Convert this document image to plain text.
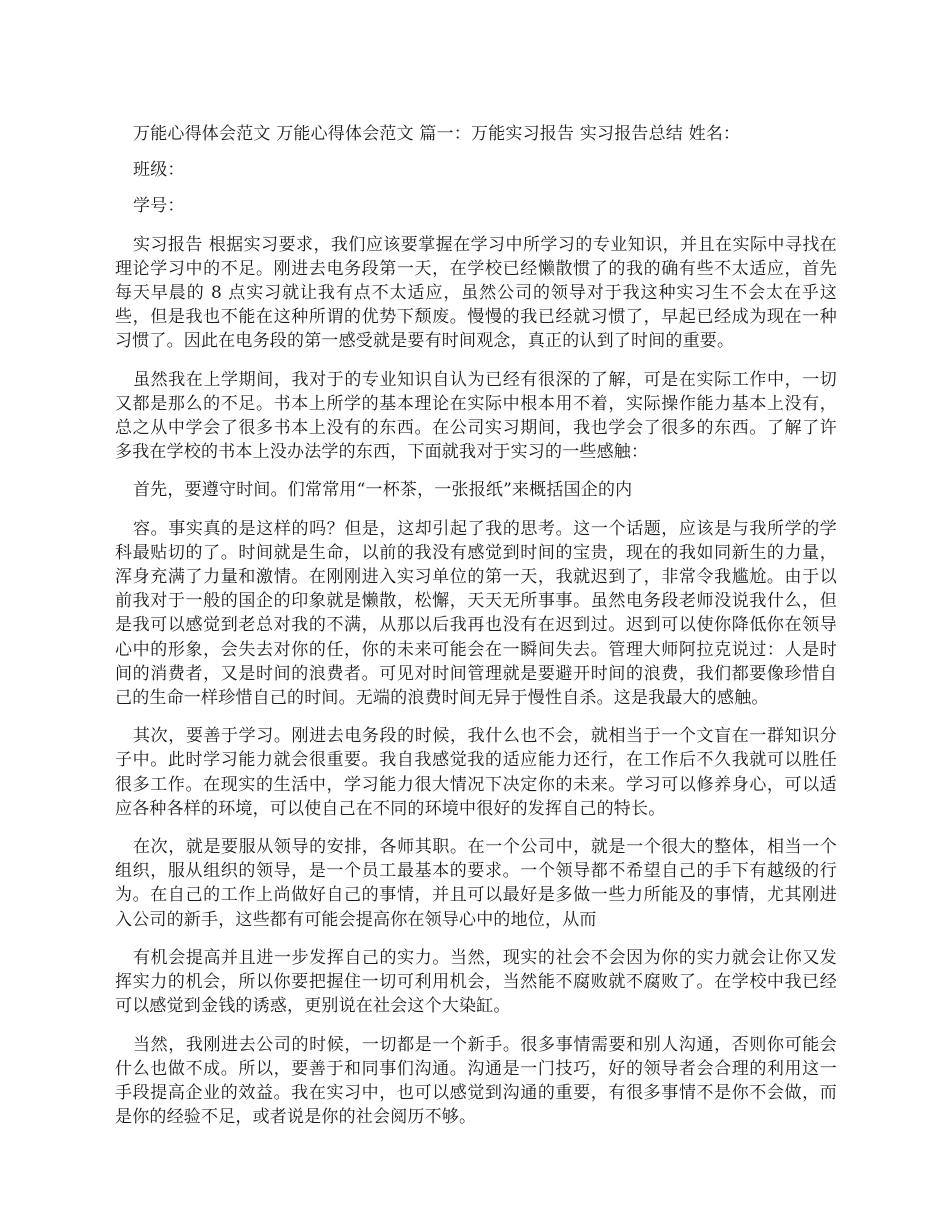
万能心得体会范文 万能心得体会范文 篇一：万能实习报告 实习报告总结 姓名：

班级：

学号：

实习报告 根据实习要求，我们应该要掌握在学习中所学习的专业知识，并且在实际中寻找在理论学习中的不足。刚进去电务段第一天，在学校已经懒散惯了的我的确有些不太适应，首先每天早晨的 8 点实习就让我有点不太适应，虽然公司的领导对于我这种实习生不会太在乎这些，但是我也不能在这种所谓的优势下颓废。慢慢的我已经就习惯了，早起已经成为现在一种习惯了。因此在电务段的第一感受就是要有时间观念，真正的认到了时间的重要。

虽然我在上学期间，我对于的专业知识自认为已经有很深的了解，可是在实际工作中，一切又都是那么的不足。书本上所学的基本理论在实际中根本用不着，实际操作能力基本上没有，总之从中学会了很多书本上没有的东西。在公司实习期间，我也学会了很多的东西。了解了许多我在学校的书本上没办法学的东西，下面就我对于实习的一些感触：

首先，要遵守时间。们常常用“一杯茶，一张报纸”来概括国企的内

容。事实真的是这样的吗？但是，这却引起了我的思考。这一个话题，应该是与我所学的学科最贴切的了。时间就是生命，以前的我没有感觉到时间的宝贵，现在的我如同新生的力量，浑身充满了力量和激情。在刚刚进入实习单位的第一天，我就迟到了，非常令我尴尬。由于以前我对于一般的国企的印象就是懒散，松懈，天天无所事事。虽然电务段老师没说我什么，但是我可以感觉到老总对我的不满，从那以后我再也没有在迟到过。迟到可以使你降低你在领导心中的形象，会失去对你的任，你的未来可能会在一瞬间失去。管理大师阿拉克说过：人是时间的消费者，又是时间的浪费者。可见对时间管理就是要避开时间的浪费，我们都要像珍惜自己的生命一样珍惜自己的时间。无端的浪费时间无异于慢性自杀。这是我最大的感触。

其次，要善于学习。刚进去电务段的时候，我什么也不会，就相当于一个文盲在一群知识分子中。此时学习能力就会很重要。我自我感觉我的适应能力还行，在工作后不久我就可以胜任很多工作。在现实的生活中，学习能力很大情况下决定你的未来。学习可以修养身心，可以适应各种各样的环境，可以使自己在不同的环境中很好的发挥自己的特长。

在次，就是要服从领导的安排，各师其职。在一个公司中，就是一个很大的整体，相当一个组织，服从组织的领导，是一个员工最基本的要求。一个领导都不希望自己的手下有越级的行为。在自己的工作上尚做好自己的事情，并且可以最好是多做一些力所能及的事情，尤其刚进入公司的新手，这些都有可能会提高你在领导心中的地位，从而

有机会提高并且进一步发挥自己的实力。当然，现实的社会不会因为你的实力就会让你又发挥实力的机会，所以你要把握住一切可利用机会，当然能不腐败就不腐败了。在学校中我已经可以感觉到金钱的诱惑，更别说在社会这个大染缸。

当然，我刚进去公司的时候，一切都是一个新手。很多事情需要和别人沟通，否则你可能会什么也做不成。所以，要善于和同事们沟通。沟通是一门技巧，好的领导者会合理的利用这一手段提高企业的效益。我在实习中，也可以感觉到沟通的重要，有很多事情不是你不会做，而是你的经验不足，或者说是你的社会阅历不够。
